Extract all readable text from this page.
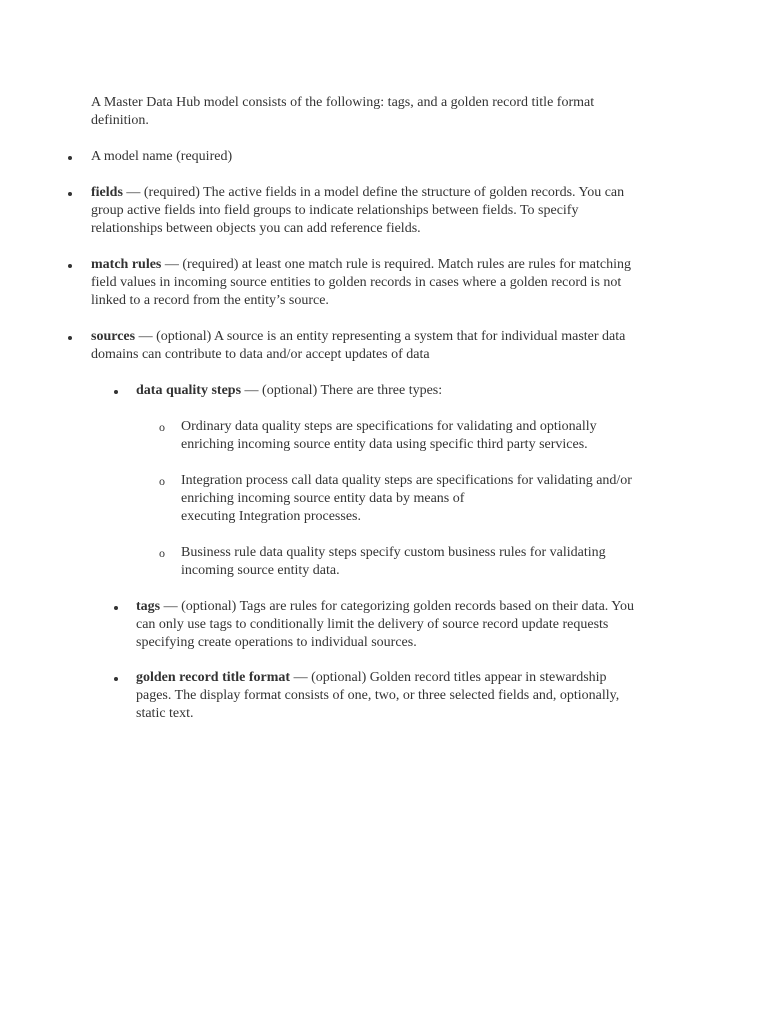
A Master Data Hub model consists of the following: tags, and a golden record title format
definition.

A model name (required)

fields — (required) The active fields in a model define the structure of golden records. You can
group active fields into field groups to indicate relationships between fields. To specify
relationships between objects you can add reference fields.

match rules — (required) at least one match rule is required. Match rules are rules for matching
field values in incoming source entities to golden records in cases where a golden record is not
linked to a record from the entity’s source.

sources — (optional) A source is an entity representing a system that for individual master data
domains can contribute to data and/or accept updates of data

data quality steps — (optional) There are three types:

o Ordinary data quality steps are specifications for validating and optionally
enriching incoming source entity data using specific third party services.

o Integration process call data quality steps are specifications for validating and/or
enriching incoming source entity data by means of
executing Integration processes.

o Business rule data quality steps specify custom business rules for validating
incoming source entity data.

tags — (optional) Tags are rules for categorizing golden records based on their data. You
can only use tags to conditionally limit the delivery of source record update requests
specifying create operations to individual sources.

golden record title format — (optional) Golden record titles appear in stewardship
pages. The display format consists of one, two, or three selected fields and, optionally,
static text.
